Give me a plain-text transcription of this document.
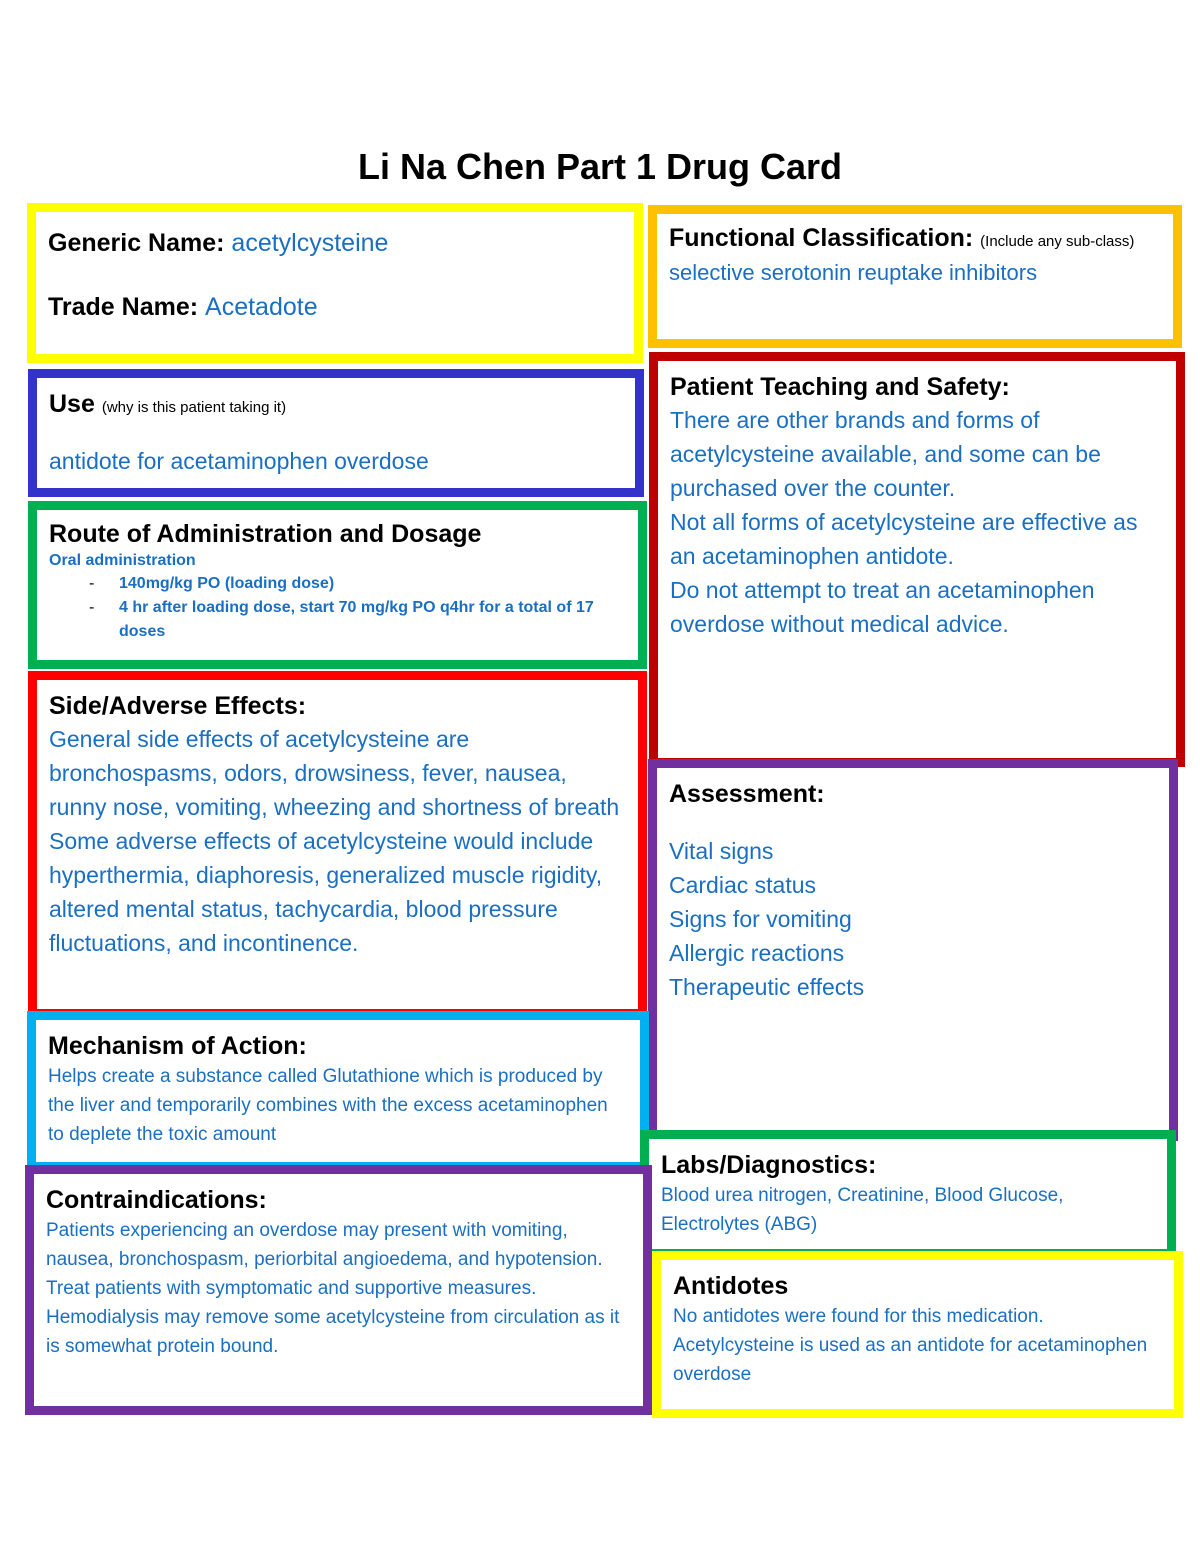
Li Na Chen Part 1 Drug Card
Generic Name: acetylcysteine
Trade Name: Acetadote
Functional Classification: (Include any sub-class)
selective serotonin reuptake inhibitors
Use (why is this patient taking it)
antidote for acetaminophen overdose
Patient Teaching and Safety:
There are other brands and forms of acetylcysteine available, and some can be purchased over the counter.
Not all forms of acetylcysteine are effective as an acetaminophen antidote.
Do not attempt to treat an acetaminophen overdose without medical advice.
Route of Administration and Dosage
Oral administration
- 140mg/kg PO (loading dose)
- 4 hr after loading dose, start 70 mg/kg PO q4hr for a total of 17 doses
Side/Adverse Effects:
General side effects of acetylcysteine are bronchospasms, odors, drowsiness, fever, nausea, runny nose, vomiting, wheezing and shortness of breath
Some adverse effects of acetylcysteine would include hyperthermia, diaphoresis, generalized muscle rigidity, altered mental status, tachycardia, blood pressure fluctuations, and incontinence.
Assessment:
Vital signs
Cardiac status
Signs for vomiting
Allergic reactions
Therapeutic effects
Mechanism of Action:
Helps create a substance called Glutathione which is produced by the liver and temporarily combines with the excess acetaminophen to deplete the toxic amount
Labs/Diagnostics:
Blood urea nitrogen, Creatinine, Blood Glucose, Electrolytes (ABG)
Contraindications:
Patients experiencing an overdose may present with vomiting, nausea, bronchospasm, periorbital angioedema, and hypotension.
Treat patients with symptomatic and supportive measures.
Hemodialysis may remove some acetylcysteine from circulation as it is somewhat protein bound.
Antidotes
No antidotes were found for this medication.
Acetylcysteine is used as an antidote for acetaminophen overdose
